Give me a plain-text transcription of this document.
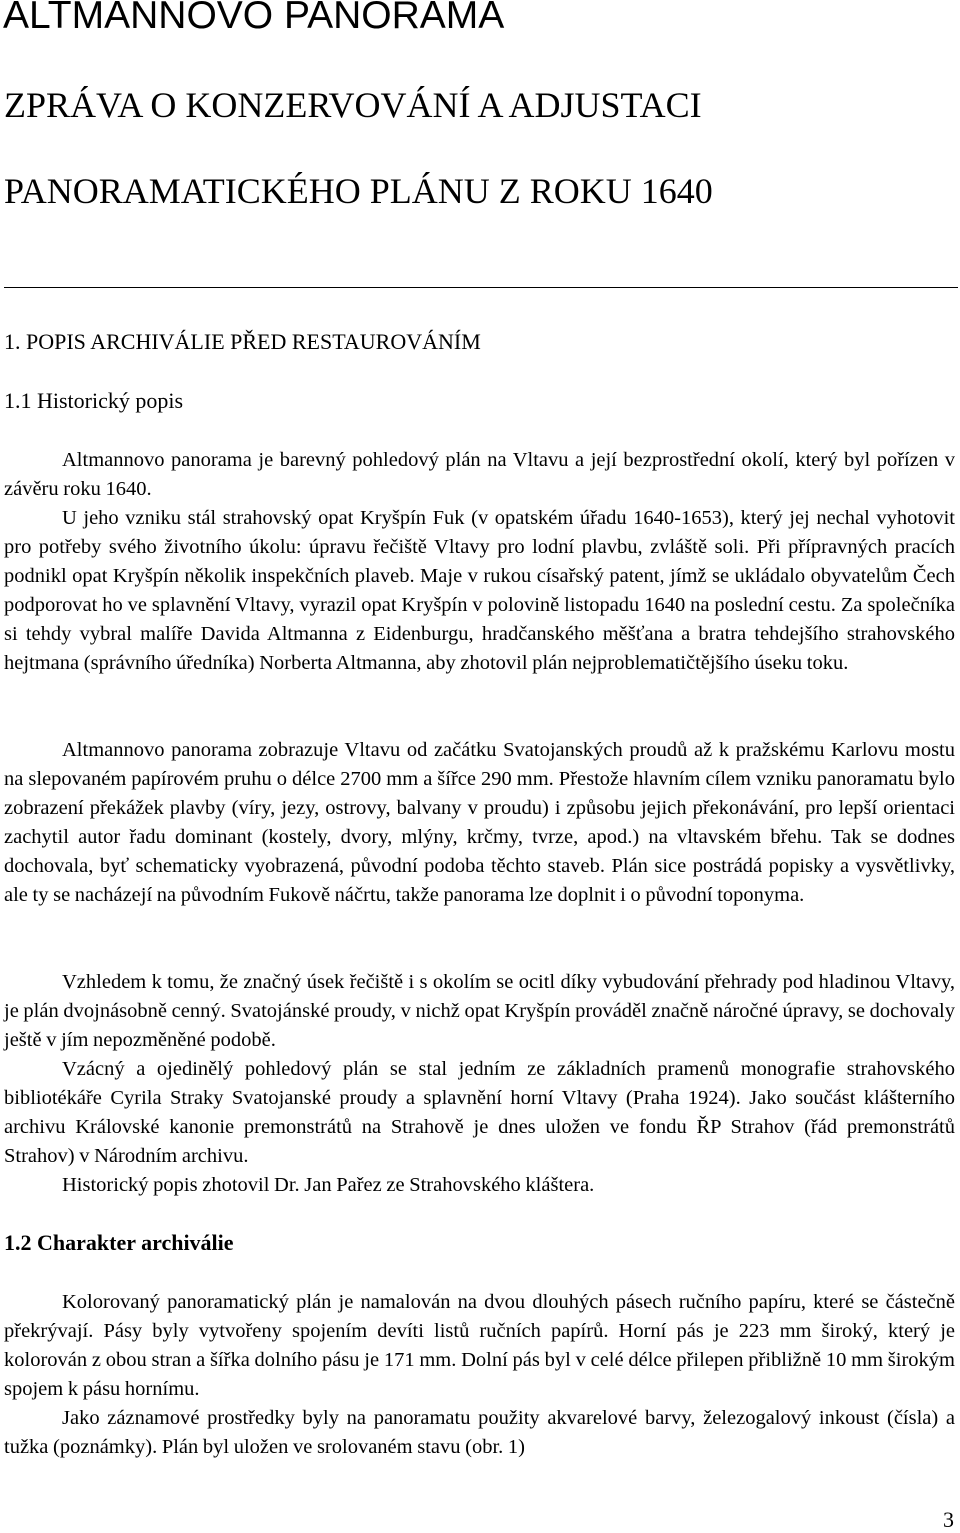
ALTMANNOVO PANORAMA
ZPRÁVA O KONZERVOVÁNÍ A ADJUSTACI
PANORAMATICKÉHO PLÁNU Z ROKU 1640
1. POPIS ARCHIVÁLIE PŘED RESTAUROVÁNÍM
1.1 Historický popis

Altmannovo panorama je barevný pohledový plán na Vltavu a její bezprostřední okolí, který byl pořízen v závěru roku 1640.

U jeho vzniku stál strahovský opat Kryšpín Fuk (v opatském úřadu 1640-1653), který jej nechal vyhotovit pro potřeby svého životního úkolu: úpravu řečiště Vltavy pro lodní plavbu, zvláště soli. Při přípravných pracích podnikl opat Kryšpín několik inspekčních plaveb. Maje v rukou císařský patent, jímž se ukládalo obyvatelům Čech podporovat ho ve splavnění Vltavy, vyrazil opat Kryšpín v polovině listopadu 1640 na poslední cestu. Za společníka si tehdy vybral malíře Davida Altmanna z Eidenburgu, hradčanského měšťana a bratra tehdejšího strahovského hejtmana (správního úředníka) Norberta Altmanna, aby zhotovil plán nejproblematičtějšího úseku toku.

Altmannovo panorama zobrazuje Vltavu od začátku Svatojanských proudů až k pražskému Karlovu mostu na slepovaném papírovém pruhu o délce 2700 mm a šířce 290 mm. Přestože hlavním cílem vzniku panoramatu bylo zobrazení překážek plavby (víry, jezy, ostrovy, balvany v proudu) i způsobu jejich překonávání, pro lepší orientaci zachytil autor řadu dominant (kostely, dvory, mlýny, krčmy, tvrze, apod.) na vltavském břehu. Tak se dodnes dochovala, byť schematicky vyobrazená, původní podoba těchto staveb. Plán sice postrádá popisky a vysvětlivky, ale ty se nacházejí na původním Fukově náčrtu, takže panorama lze doplnit i o původní toponyma.

Vzhledem k tomu, že značný úsek řečiště i s okolím se ocitl díky vybudování přehrady pod hladinou Vltavy, je plán dvojnásobně cenný. Svatojánské proudy, v nichž opat Kryšpín prováděl značně náročné úpravy, se dochovaly ještě v jím nepozměněné podobě.

Vzácný a ojedinělý pohledový plán se stal jedním ze základních pramenů monografie strahovského bibliotékáře Cyrila Straky Svatojanské proudy a splavnění horní Vltavy (Praha 1924). Jako součást klášterního archivu Královské kanonie premonstrátů na Strahově je dnes uložen ve fondu ŘP Strahov (řád premonstrátů Strahov) v Národním archivu.

Historický popis zhotovil Dr. Jan Pařez ze Strahovského kláštera.

1.2 Charakter archiválie

Kolorovaný panoramatický plán je namalován na dvou dlouhých pásech ručního papíru, které se částečně překrývají. Pásy byly vytvořeny spojením devíti listů ručních papírů. Horní pás je 223 mm široký, který je kolorován z obou stran a šířka dolního pásu je 171 mm. Dolní pás byl v celé délce přilepen přibližně 10 mm širokým spojem k pásu hornímu.

Jako záznamové prostředky byly na panoramatu použity akvarelové barvy, železogalový inkoust (čísla) a tužka (poznámky). Plán byl uložen ve srolovaném stavu (obr. 1)

3
